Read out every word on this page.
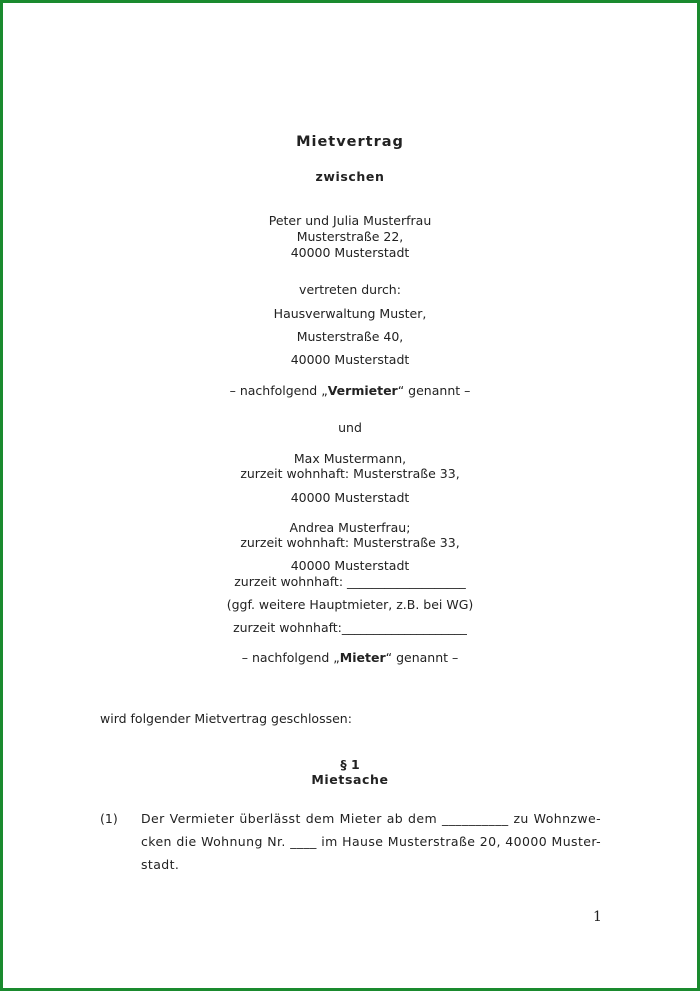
Mietvertrag
zwischen
Peter und Julia Musterfrau
Musterstraße 22,
40000 Musterstadt
vertreten durch:
Hausverwaltung Muster,
Musterstraße 40,
40000 Musterstadt
– nachfolgend „Vermieter“ genannt –
und
Max Mustermann,
zurzeit wohnhaft: Musterstraße 33,
40000 Musterstadt
Andrea Musterfrau;
zurzeit wohnhaft: Musterstraße 33,
40000 Musterstadt
zurzeit wohnhaft: ___________________
(ggf. weitere Hauptmieter, z.B. bei WG)
zurzeit wohnhaft:____________________
– nachfolgend „Mieter“ genannt –
wird folgender Mietvertrag geschlossen:
§ 1
Mietsache
(1) Der Vermieter überlässt dem Mieter ab dem __________ zu Wohnzwe-
cken die Wohnung Nr. ____ im Hause Musterstraße 20, 40000 Muster-
stadt.
1
